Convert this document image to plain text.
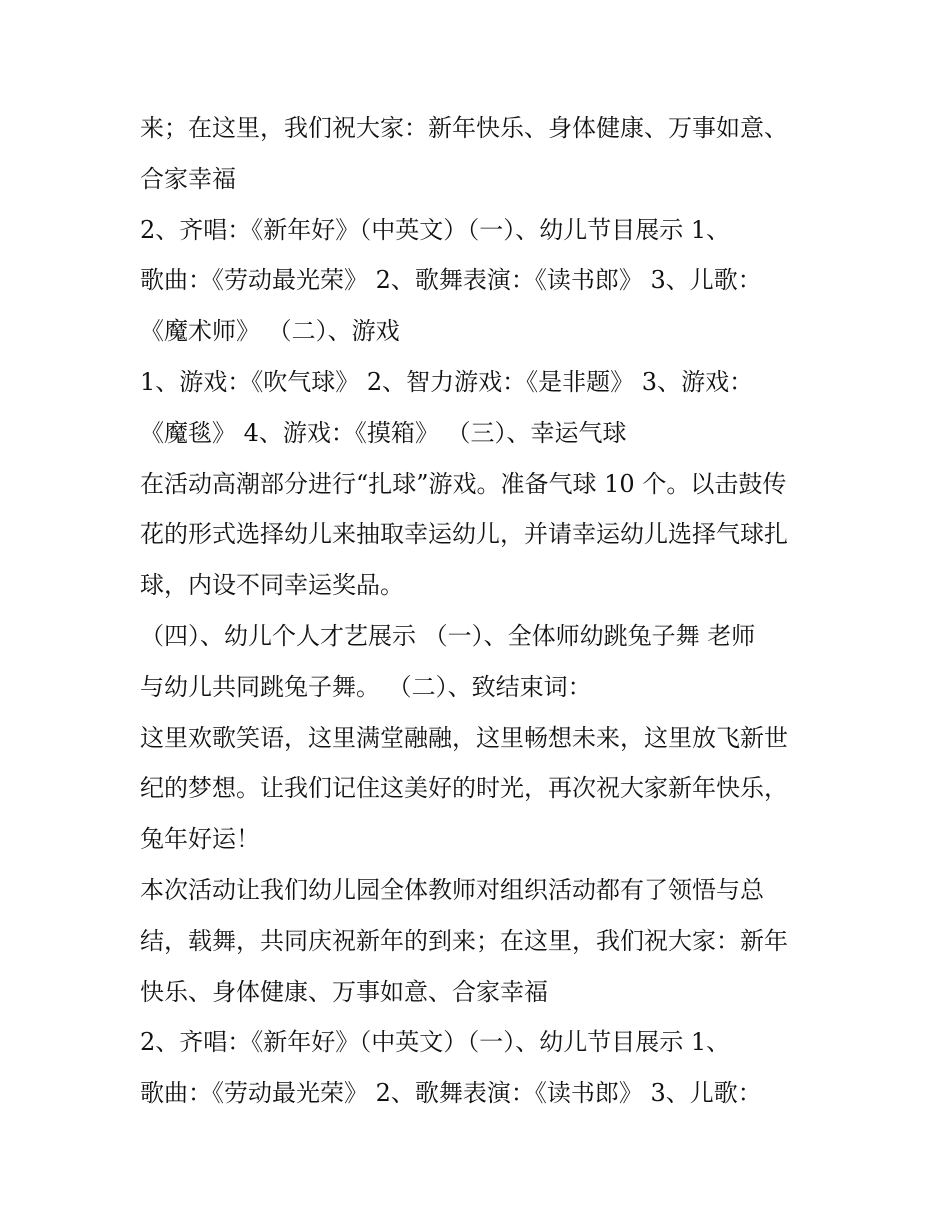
来；在这里，我们祝大家：新年快乐、身体健康、万事如意、
合家幸福
2、齐唱：《新年好》（中英文）（一）、幼儿节目展示 1、
歌曲：《劳动最光荣》 2、歌舞表演：《读书郎》 3、儿歌：
《魔术师》 （二）、游戏
1、游戏：《吹气球》 2、智力游戏：《是非题》 3、游戏：
《魔毯》 4、游戏：《摸箱》 （三）、幸运气球
在活动高潮部分进行“扎球”游戏。准备气球 10 个。以击鼓传
花的形式选择幼儿来抽取幸运幼儿，并请幸运幼儿选择气球扎
球，内设不同幸运奖品。
（四）、幼儿个人才艺展示 （一）、全体师幼跳兔子舞 老师
与幼儿共同跳兔子舞。 （二）、致结束词：
这里欢歌笑语，这里满堂融融，这里畅想未来，这里放飞新世
纪的梦想。让我们记住这美好的时光，再次祝大家新年快乐，
兔年好运！
本次活动让我们幼儿园全体教师对组织活动都有了领悟与总
结，载舞，共同庆祝新年的到来；在这里，我们祝大家：新年
快乐、身体健康、万事如意、合家幸福
2、齐唱：《新年好》（中英文）（一）、幼儿节目展示 1、
歌曲：《劳动最光荣》 2、歌舞表演：《读书郎》 3、儿歌：
